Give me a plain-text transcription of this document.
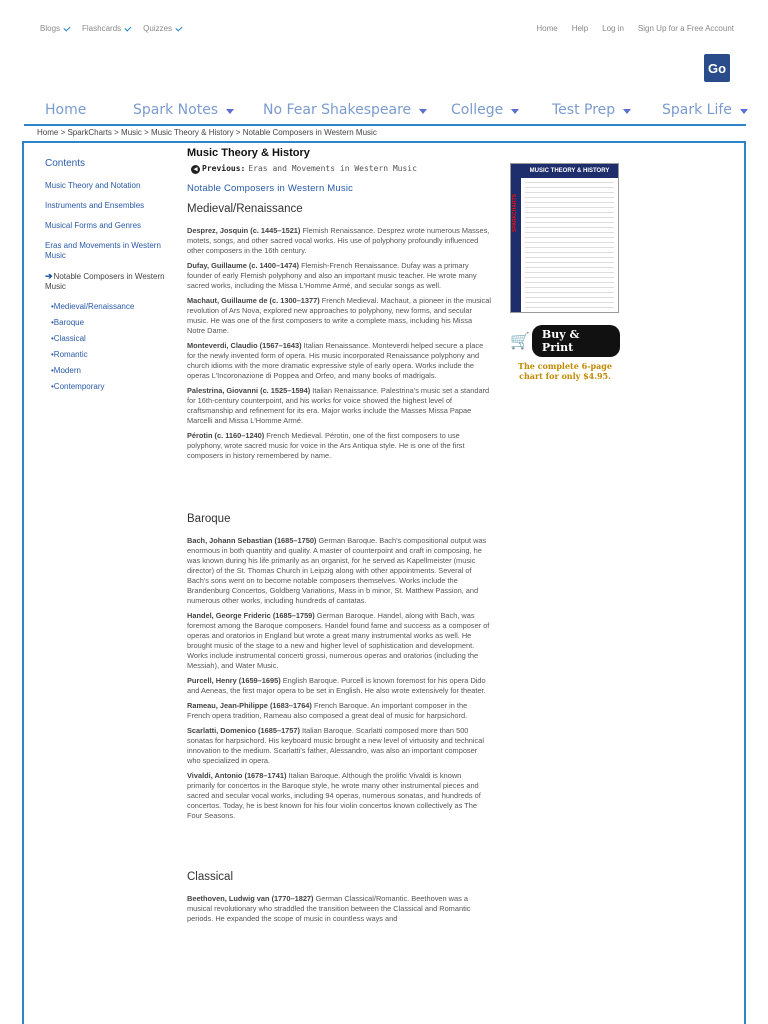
Blogs	Flashcards	Quizzes	Home Help Log in Sign Up for a Free Account
Go
Home	Spark Notes	No Fear Shakespeare	College	Test Prep	Spark Life
Home > SparkCharts > Music > Music Theory & History > Notable Composers in Western Music
Contents
Music Theory and Notation
Instruments and Ensembles
Musical Forms and Genres
Eras and Movements in Western Music
➔Notable Composers in Western Music
•Medieval/Renaissance
•Baroque
•Classical
•Romantic
•Modern
•Contemporary
Music Theory & History
◀ Previous: Eras and Movements in Western Music
Notable Composers in Western Music
Medieval/Renaissance
Desprez, Josquin (c. 1445–1521) Flemish Renaissance. Desprez wrote numerous Masses, motets, songs, and other sacred vocal works. His use of polyphony profoundly influenced other composers in the 16th century.
Dufay, Guillaume (c. 1400–1474) Flemish-French Renaissance. Dufay was a primary founder of early Flemish polyphony and also an important music teacher. He wrote many sacred works, including the Missa L'Homme Armé, and secular songs as well.
Machaut, Guillaume de (c. 1300–1377) French Medieval. Machaut, a pioneer in the musical revolution of Ars Nova, explored new approaches to polyphony, new forms, and secular music. He was one of the first composers to write a complete mass, including his Missa Notre Dame.
Monteverdi, Claudio (1567–1643) Italian Renaissance. Monteverdi helped secure a place for the newly invented form of opera. His music incorporated Renaissance polyphony and church idioms with the more dramatic expressive style of early opera. Works include the operas L'Incoronazione di Poppea and Orfeo, and many books of madrigals.
Palestrina, Giovanni (c. 1525–1594) Italian Renaissance. Palestrina's music set a standard for 16th-century counterpoint, and his works for voice showed the highest level of craftsmanship and refinement for its era. Major works include the Masses Missa Papae Marcelli and Missa L'Homme Armé.
Pérotin (c. 1160–1240) French Medieval. Pérotin, one of the first composers to use polyphony, wrote sacred music for voice in the Ars Antiqua style. He is one of the first composers in history remembered by name.
Baroque
Bach, Johann Sebastian (1685–1750) German Baroque. Bach's compositional output was enormous in both quantity and quality. A master of counterpoint and craft in composing, he was known during his life primarily as an organist, for he served as Kapellmeister (music director) of the St. Thomas Church in Leipzig along with other appointments. Several of Bach's sons went on to become notable composers themselves. Works include the Brandenburg Concertos, Goldberg Variations, Mass in b minor, St. Matthew Passion, and numerous other works, including hundreds of cantatas.
Handel, George Frideric (1685–1759) German Baroque. Handel, along with Bach, was foremost among the Baroque composers. Handel found fame and success as a composer of operas and oratorios in England but wrote a great many instrumental works as well. He brought music of the stage to a new and higher level of sophistication and development. Works include instrumental concerti grossi, numerous operas and oratorios (including the Messiah), and Water Music.
Purcell, Henry (1659–1695) English Baroque. Purcell is known foremost for his opera Dido and Aeneas, the first major opera to be set in English. He also wrote extensively for theater.
Rameau, Jean-Philippe (1683–1764) French Baroque. An important composer in the French opera tradition, Rameau also composed a great deal of music for harpsichord.
Scarlatti, Domenico (1685–1757) Italian Baroque. Scarlatti composed more than 500 sonatas for harpsichord. His keyboard music brought a new level of virtuosity and technical innovation to the medium. Scarlatti's father, Alessandro, was also an important composer who specialized in opera.
Vivaldi, Antonio (1678–1741) Italian Baroque. Although the prolific Vivaldi is known primarily for concertos in the Baroque style, he wrote many other instrumental pieces and sacred and secular vocal works, including 94 operas, numerous sonatas, and hundreds of concertos. Today, he is best known for his four violin concertos known collectively as The Four Seasons.
Classical
Beethoven, Ludwig van (1770–1827) German Classical/Romantic. Beethoven was a musical revolutionary who straddled the transition between the Classical and Romantic periods. He expanded the scope of music in countless ways and
SPARKCHARTS
MUSIC THEORY & HISTORY
🛒	Buy & Print
The complete 6-page
chart for only $4.95.
